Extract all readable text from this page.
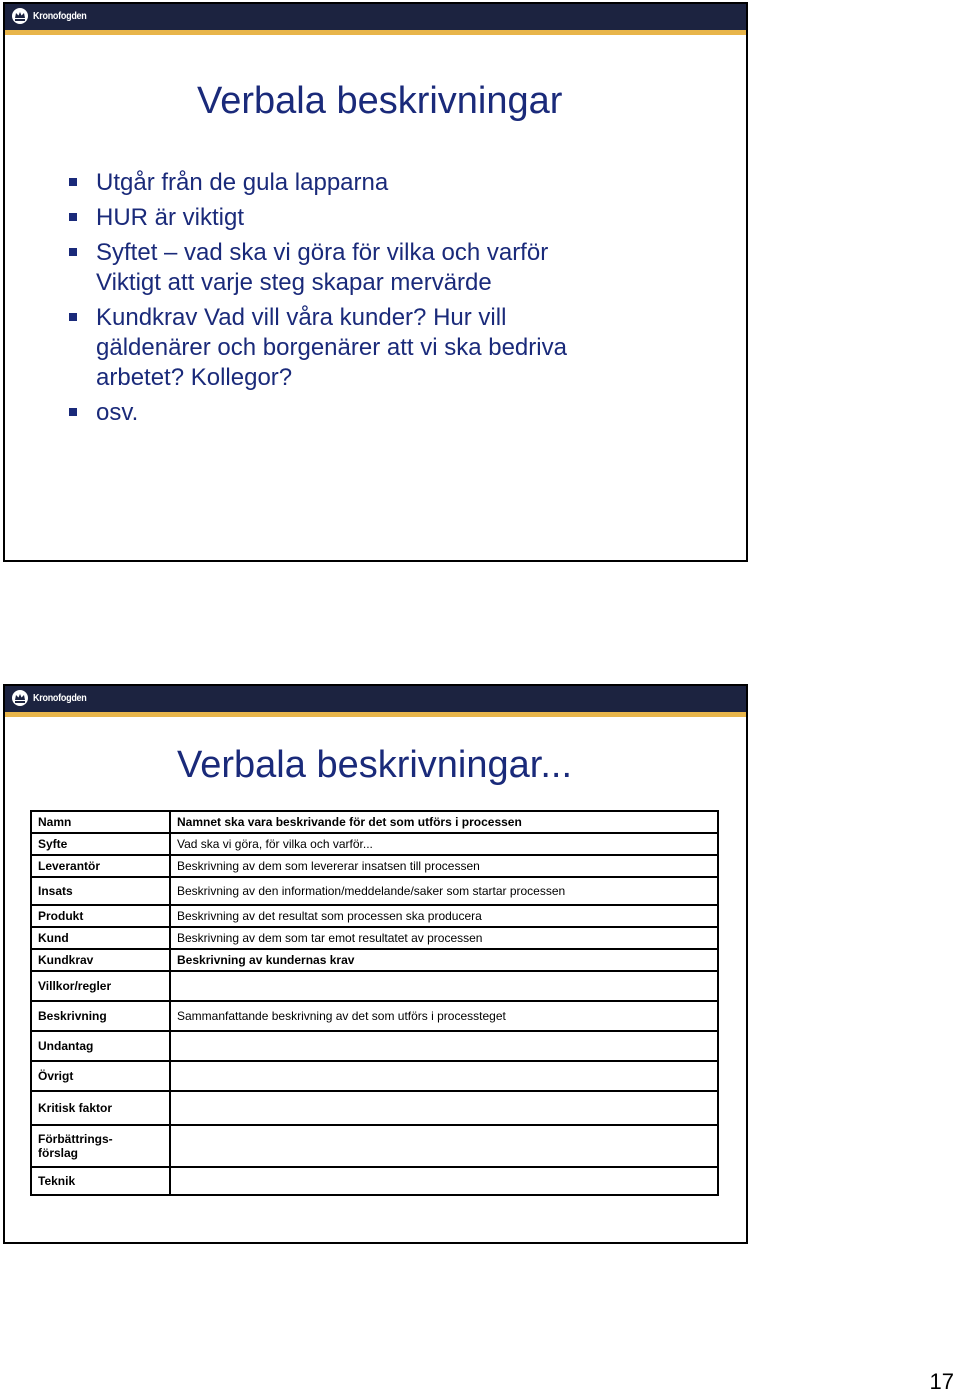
Kronofogden
Verbala beskrivningar
Utgår från de gula lapparna
HUR är viktigt
Syftet – vad ska vi göra för vilka och varför
Viktigt att varje steg skapar mervärde
Kundkrav Vad vill våra kunder? Hur vill
gäldenärer och borgenärer att vi ska bedriva
arbetet? Kollegor?
osv.
Kronofogden
Verbala beskrivningar...
Namn	Namnet ska vara beskrivande för det som utförs i processen
Syfte	Vad ska vi göra, för vilka och varför...
Leverantör	Beskrivning av dem som levererar insatsen till processen
Insats	Beskrivning av den information/meddelande/saker som startar processen
Produkt	Beskrivning av det resultat som processen ska producera
Kund	Beskrivning av dem som tar emot resultatet av processen
Kundkrav	Beskrivning av kundernas krav
Villkor/regler	
Beskrivning	Sammanfattande beskrivning av det som utförs i processteget
Undantag	
Övrigt	
Kritisk faktor	
Förbättrings-
förslag	
Teknik	
17
